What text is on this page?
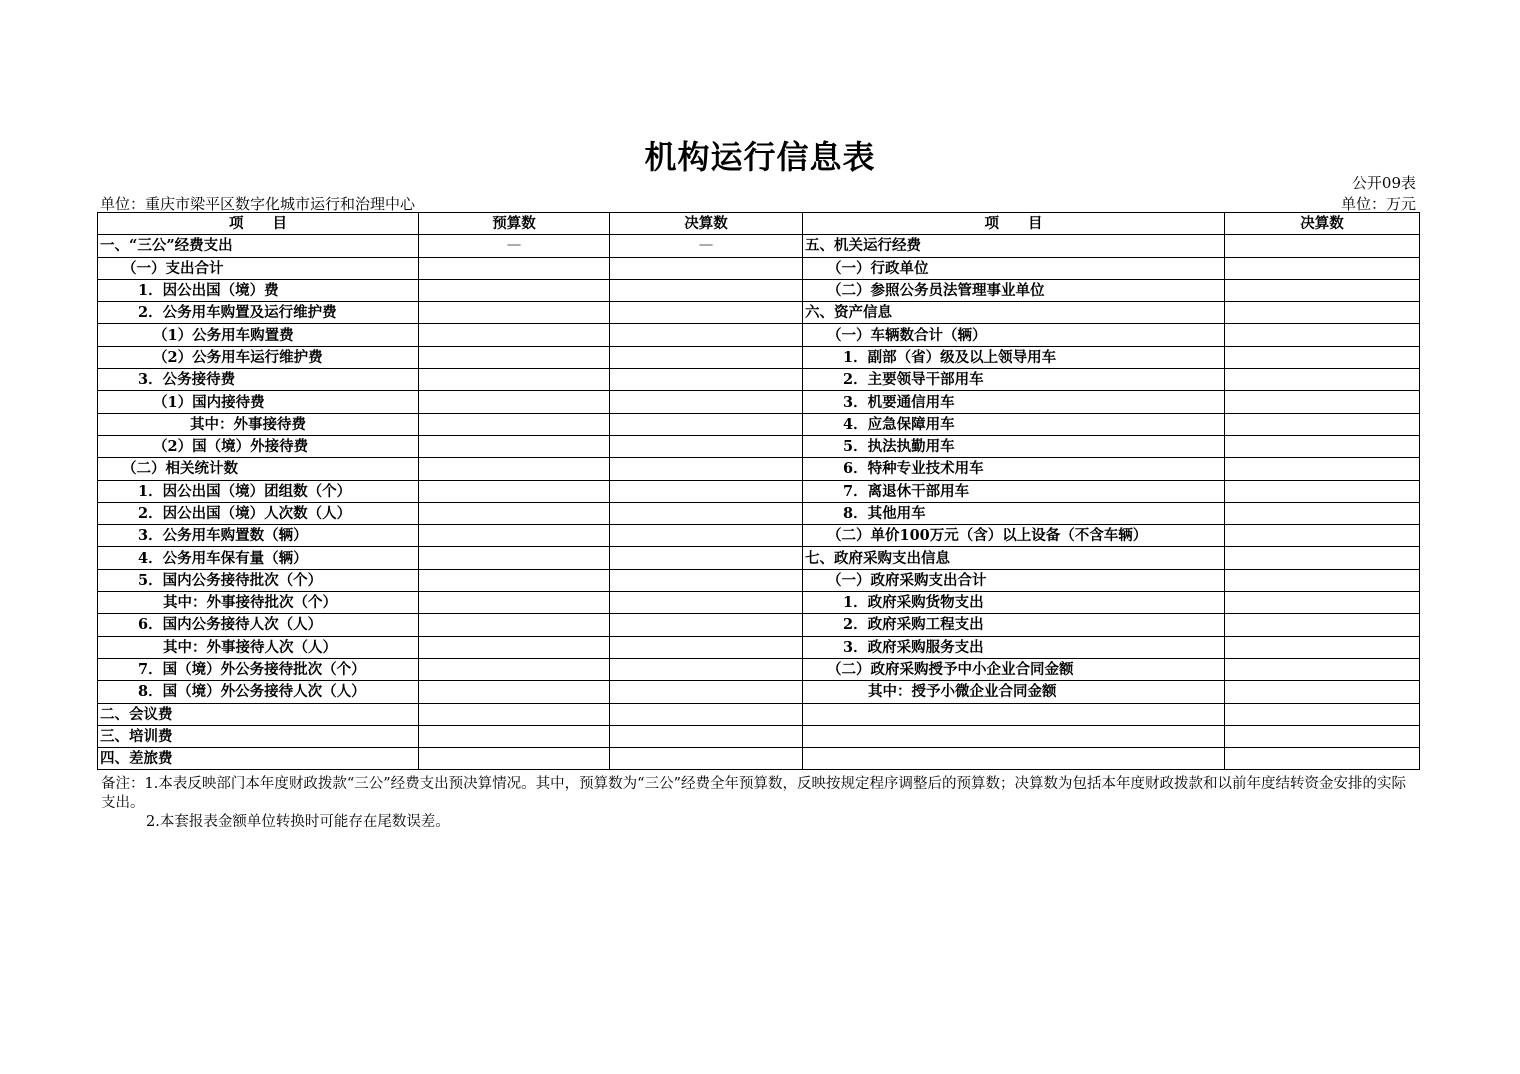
机构运行信息表
公开09表
单位：重庆市梁平区数字化城市运行和治理中心	单位：万元
项　　目	预算数	决算数	项　　目	决算数
一、“三公”经费支出	—	—	五、机关运行经费	
（一）支出合计			（一）行政单位	
1．因公出国（境）费			（二）参照公务员法管理事业单位	
2．公务用车购置及运行维护费			六、资产信息	
（1）公务用车购置费			（一）车辆数合计（辆）	
（2）公务用车运行维护费			1．副部（省）级及以上领导用车	
3．公务接待费			2．主要领导干部用车	
（1）国内接待费			3．机要通信用车	
其中：外事接待费			4．应急保障用车	
（2）国（境）外接待费			5．执法执勤用车	
（二）相关统计数			6．特种专业技术用车	
1．因公出国（境）团组数（个）			7．离退休干部用车	
2．因公出国（境）人次数（人）			8．其他用车	
3．公务用车购置数（辆）			（二）单价100万元（含）以上设备（不含车辆）	
4．公务用车保有量（辆）			七、政府采购支出信息	
5．国内公务接待批次（个）			（一）政府采购支出合计	
其中：外事接待批次（个）			1．政府采购货物支出	
6．国内公务接待人次（人）			2．政府采购工程支出	
其中：外事接待人次（人）			3．政府采购服务支出	
7．国（境）外公务接待批次（个）			（二）政府采购授予中小企业合同金额	
8．国（境）外公务接待人次（人）			其中：授予小微企业合同金额	
二、会议费				
三、培训费				
四、差旅费				
备注：1.本表反映部门本年度财政拨款“三公”经费支出预决算情况。其中，预算数为“三公”经费全年预算数，反映按规定程序调整后的预算数；决算数为包括本年度财政拨款和以前年度结转资金安排的实际支出。
2.本套报表金额单位转换时可能存在尾数误差。
